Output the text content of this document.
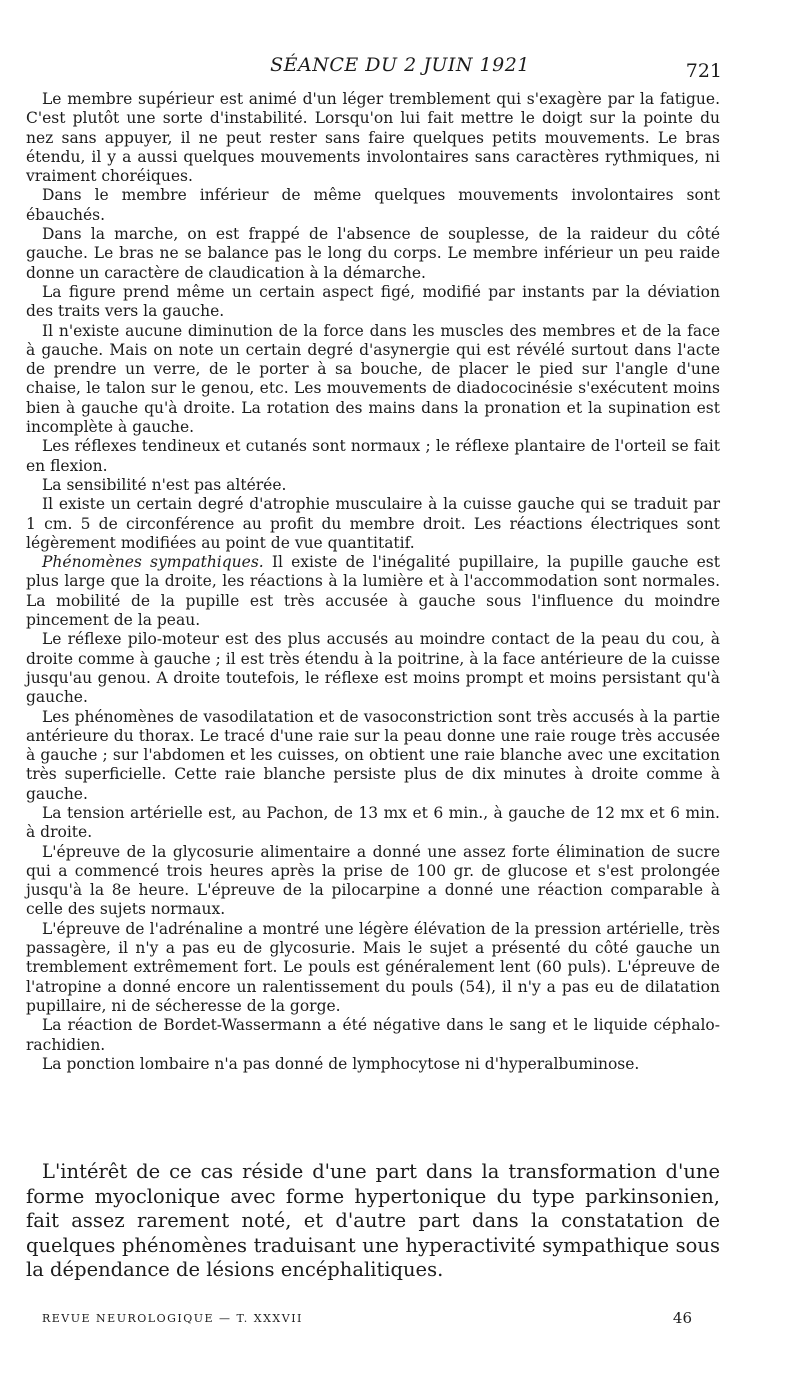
SÉANCE DU 2 JUIN 1921	721

Le membre supérieur est animé d'un léger tremblement qui s'exagère par la fatigue. C'est plutôt une sorte d'instabilité. Lorsqu'on lui fait mettre le doigt sur la pointe du nez sans appuyer, il ne peut rester sans faire quelques petits mouvements. Le bras étendu, il y a aussi quelques mouvements involontaires sans caractères rythmiques, ni vraiment choréiques.

Dans le membre inférieur de même quelques mouvements involontaires sont ébauchés.

Dans la marche, on est frappé de l'absence de souplesse, de la raideur du côté gauche. Le bras ne se balance pas le long du corps. Le membre inférieur un peu raide donne un caractère de claudication à la démarche.

La figure prend même un certain aspect figé, modifié par instants par la déviation des traits vers la gauche.

Il n'existe aucune diminution de la force dans les muscles des membres et de la face à gauche. Mais on note un certain degré d'asynergie qui est révélé surtout dans l'acte de prendre un verre, de le porter à sa bouche, de placer le pied sur l'angle d'une chaise, le talon sur le genou, etc. Les mouvements de diadococinésie s'exécutent moins bien à gauche qu'à droite. La rotation des mains dans la pronation et la supination est incomplète à gauche.

Les réflexes tendineux et cutanés sont normaux ; le réflexe plantaire de l'orteil se fait en flexion.

La sensibilité n'est pas altérée.

Il existe un certain degré d'atrophie musculaire à la cuisse gauche qui se traduit par 1 cm. 5 de circonférence au profit du membre droit. Les réactions électriques sont légèrement modifiées au point de vue quantitatif.

Phénomènes sympathiques. Il existe de l'inégalité pupillaire, la pupille gauche est plus large que la droite, les réactions à la lumière et à l'accommodation sont normales. La mobilité de la pupille est très accusée à gauche sous l'influence du moindre pincement de la peau.

Le réflexe pilo-moteur est des plus accusés au moindre contact de la peau du cou, à droite comme à gauche ; il est très étendu à la poitrine, à la face antérieure de la cuisse jusqu'au genou. A droite toutefois, le réflexe est moins prompt et moins persistant qu'à gauche.

Les phénomènes de vasodilatation et de vasoconstriction sont très accusés à la partie antérieure du thorax. Le tracé d'une raie sur la peau donne une raie rouge très accusée à gauche ; sur l'abdomen et les cuisses, on obtient une raie blanche avec une excitation très superficielle. Cette raie blanche persiste plus de dix minutes à droite comme à gauche.

La tension artérielle est, au Pachon, de 13 mx et 6 min., à gauche de 12 mx et 6 min. à droite.

L'épreuve de la glycosurie alimentaire a donné une assez forte élimination de sucre qui a commencé trois heures après la prise de 100 gr. de glucose et s'est prolongée jusqu'à la 8e heure. L'épreuve de la pilocarpine a donné une réaction comparable à celle des sujets normaux.

L'épreuve de l'adrénaline a montré une légère élévation de la pression artérielle, très passagère, il n'y a pas eu de glycosurie. Mais le sujet a présenté du côté gauche un tremblement extrêmement fort. Le pouls est généralement lent (60 puls). L'épreuve de l'atropine a donné encore un ralentissement du pouls (54), il n'y a pas eu de dilatation pupillaire, ni de sécheresse de la gorge.

La réaction de Bordet-Wassermann a été négative dans le sang et le liquide céphalo-rachidien.

La ponction lombaire n'a pas donné de lymphocytose ni d'hyperalbuminose.

L'intérêt de ce cas réside d'une part dans la transformation d'une forme myoclonique avec forme hypertonique du type parkinsonien, fait assez rarement noté, et d'autre part dans la constatation de quelques phénomènes traduisant une hyperactivité sympathique sous la dépendance de lésions encéphalitiques.

REVUE NEUROLOGIQUE — T. XXXVII	46
